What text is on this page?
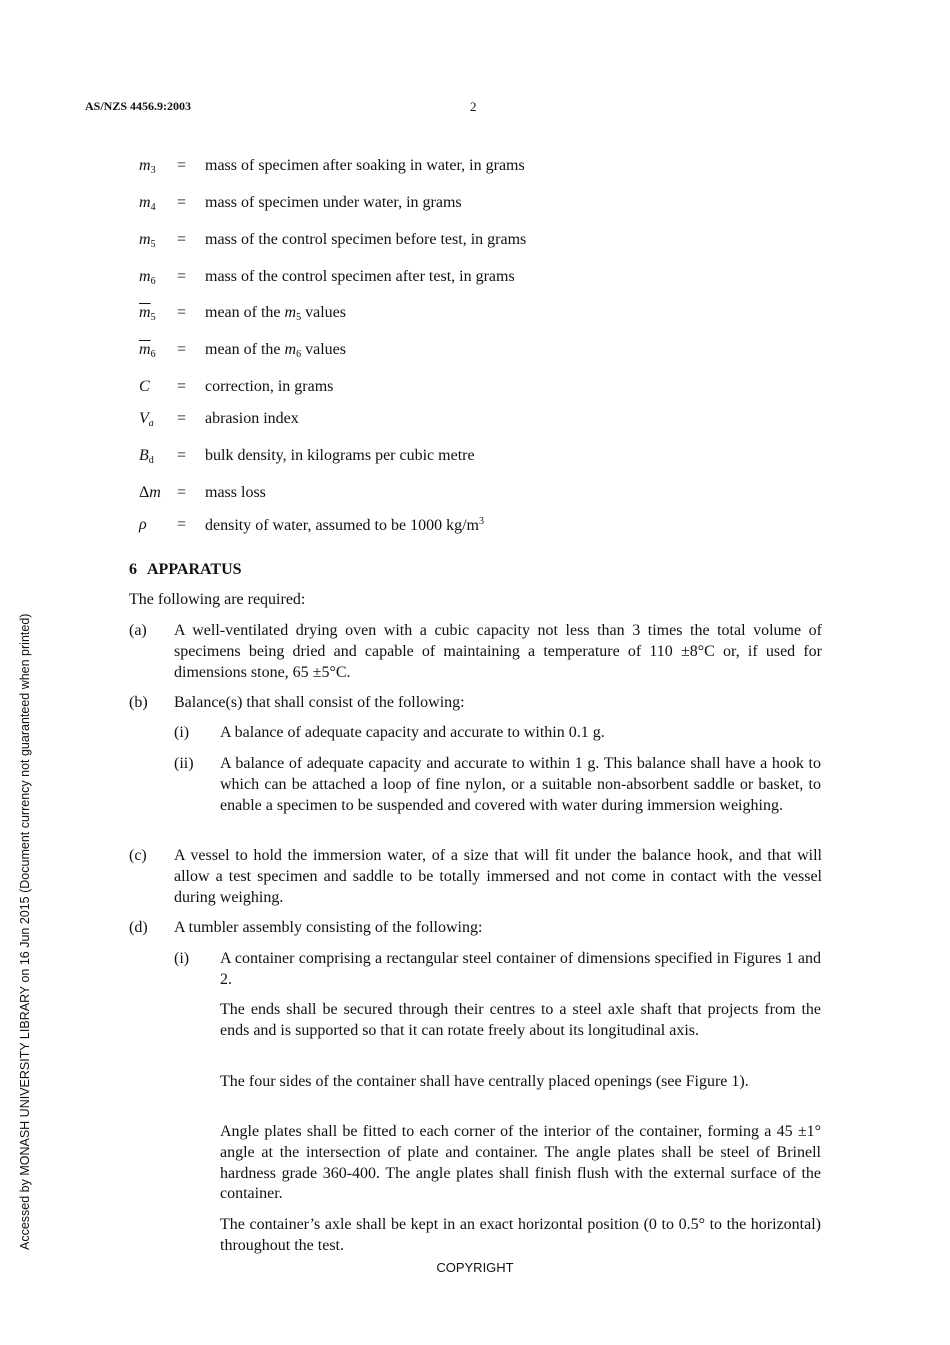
AS/NZS 4456.9:2003	2
Accessed by MONASH UNIVERSITY LIBRARY on 16 Jun 2015 (Document currency not guaranteed when printed)
$m_3$	= mass of specimen after soaking in water, in grams
$m_4$	= mass of specimen under water, in grams
$m_5$	= mass of the control specimen before test, in grams
$m_6$	= mass of the control specimen after test, in grams
$\overline{m}_5$	= mean of the $m_5$ values
$\overline{m}_6$	= mean of the $m_6$ values
C	= correction, in grams
$V_a$	= abrasion index
$B_d$	= bulk density, in kilograms per cubic metre
Δm	= mass loss
ρ	= density of water, assumed to be 1000 $kg/m^3$
6 APPARATUS
The following are required:
(a) A well-ventilated drying oven with a cubic capacity not less than 3 times the total volume of specimens being dried and capable of maintaining a temperature of 110 ±8°C or, if used for dimensions stone, 65 ±5°C.
(b) Balance(s) that shall consist of the following:
(i) A balance of adequate capacity and accurate to within 0.1 g.
(ii) A balance of adequate capacity and accurate to within 1 g. This balance shall have a hook to which can be attached a loop of fine nylon, or a suitable non-absorbent saddle or basket, to enable a specimen to be suspended and covered with water during immersion weighing.
(c) A vessel to hold the immersion water, of a size that will fit under the balance hook, and that will allow a test specimen and saddle to be totally immersed and not come in contact with the vessel during weighing.
(d) A tumbler assembly consisting of the following:
(i) A container comprising a rectangular steel container of dimensions specified in Figures 1 and 2.
The ends shall be secured through their centres to a steel axle shaft that projects from the ends and is supported so that it can rotate freely about its longitudinal axis.
The four sides of the container shall have centrally placed openings (see Figure 1).
Angle plates shall be fitted to each corner of the interior of the container, forming a 45 ±1° angle at the intersection of plate and container. The angle plates shall be steel of Brinell hardness grade 360-400. The angle plates shall finish flush with the external surface of the container.
The container’s axle shall be kept in an exact horizontal position (0 to 0.5° to the horizontal) throughout the test.
COPYRIGHT
